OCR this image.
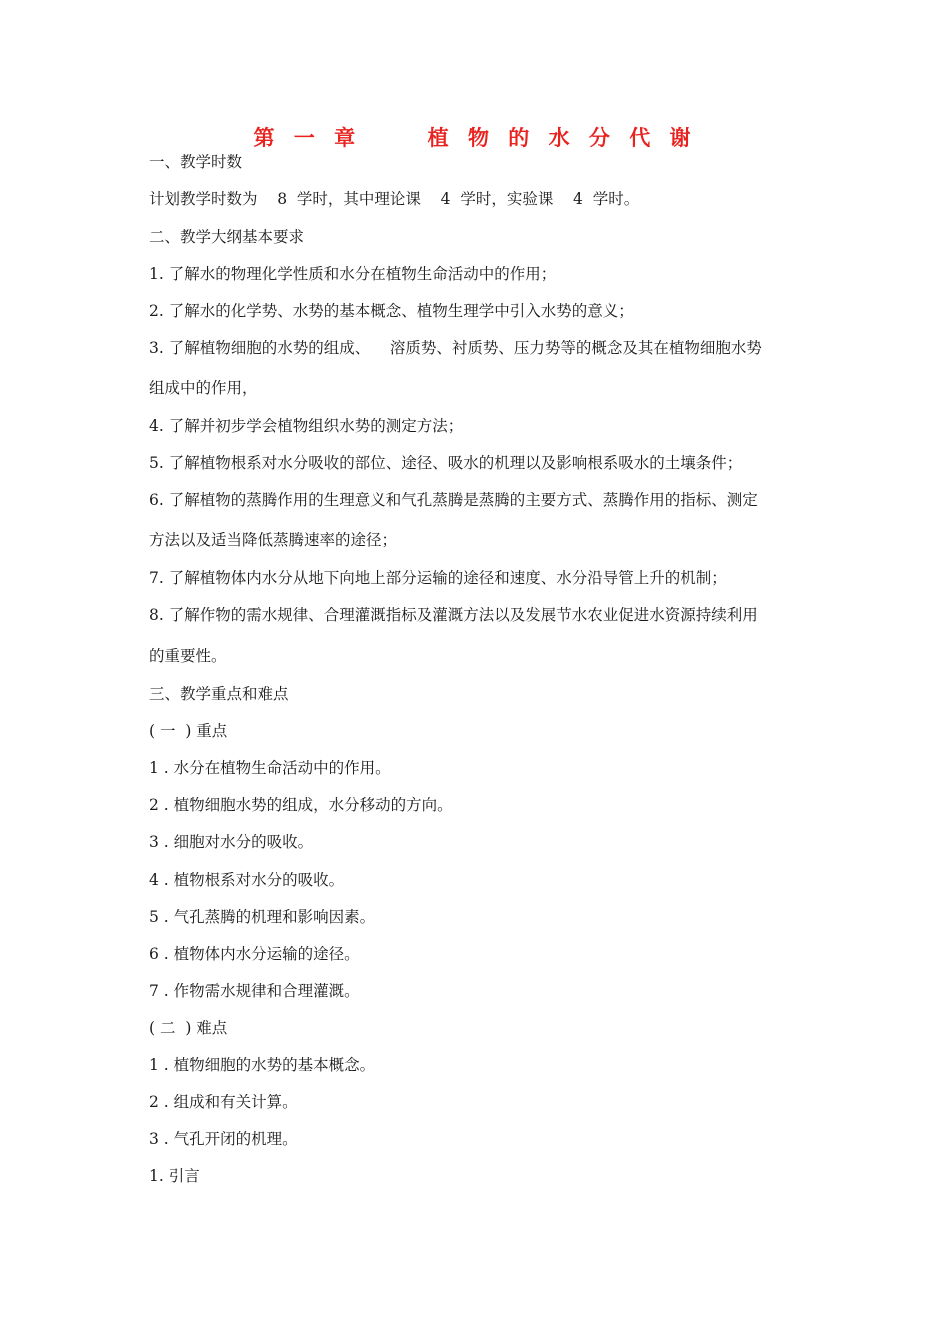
第 一 章     植 物 的 水 分 代 谢
一、教学时数
计划教学时数为    8  学时，其中理论课    4  学时，实验课    4  学时。
二、教学大纲基本要求
1. 了解水的物理化学性质和水分在植物生命活动中的作用；
2. 了解水的化学势、水势的基本概念、植物生理学中引入水势的意义；
3. 了解植物细胞的水势的组成、    溶质势、衬质势、压力势等的概念及其在植物细胞水势
组成中的作用，
4. 了解并初步学会植物组织水势的测定方法；
5. 了解植物根系对水分吸收的部位、途径、吸水的机理以及影响根系吸水的土壤条件；
6. 了解植物的蒸腾作用的生理意义和气孔蒸腾是蒸腾的主要方式、蒸腾作用的指标、测定
方法以及适当降低蒸腾速率的途径；
7. 了解植物体内水分从地下向地上部分运输的途径和速度、水分沿导管上升的机制；
8. 了解作物的需水规律、合理灌溉指标及灌溉方法以及发展节水农业促进水资源持续利用
的重要性。
三、教学重点和难点
( 一  ) 重点
1 . 水分在植物生命活动中的作用。
2 . 植物细胞水势的组成，水分移动的方向。
3 . 细胞对水分的吸收。
4 . 植物根系对水分的吸收。
5 . 气孔蒸腾的机理和影响因素。
6 . 植物体内水分运输的途径。
7 . 作物需水规律和合理灌溉。
( 二  ) 难点
1 . 植物细胞的水势的基本概念。
2 . 组成和有关计算。
3 . 气孔开闭的机理。
1. 引言
